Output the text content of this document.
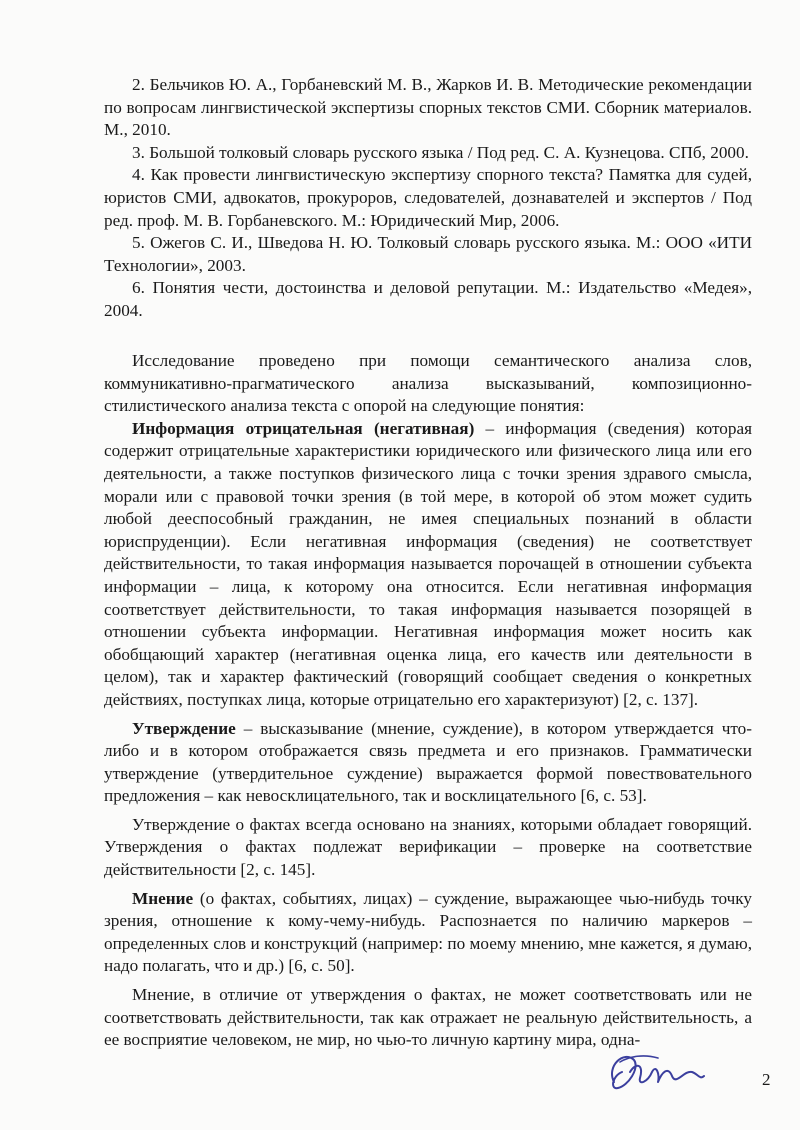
2. Бельчиков Ю. А., Горбаневский М. В., Жарков И. В. Методические рекомендации по вопросам лингвистической экспертизы спорных текстов СМИ. Сборник материалов. М., 2010.

3. Большой толковый словарь русского языка / Под ред. С. А. Кузнецова. СПб, 2000.

4. Как провести лингвистическую экспертизу спорного текста? Памятка для судей, юристов СМИ, адвокатов, прокуроров, следователей, дознавателей и экспертов / Под ред. проф. М. В. Горбаневского. М.: Юридический Мир, 2006.

5. Ожегов С. И., Шведова Н. Ю. Толковый словарь русского языка. М.: ООО «ИТИ Технологии», 2003.

6. Понятия чести, достоинства и деловой репутации. М.: Издательство «Медея», 2004.

Исследование проведено при помощи семантического анализа слов, коммуникативно-прагматического анализа высказываний, композиционно-стилистического анализа текста с опорой на следующие понятия:

Информация отрицательная (негативная) – информация (сведения) которая содержит отрицательные характеристики юридического или физического лица или его деятельности, а также поступков физического лица с точки зрения здравого смысла, морали или с правовой точки зрения (в той мере, в которой об этом может судить любой дееспособный гражданин, не имея специальных познаний в области юриспруденции). Если негативная информация (сведения) не соответствует действительности, то такая информация называется порочащей в отношении субъекта информации – лица, к которому она относится. Если негативная информация соответствует действительности, то такая информация называется позорящей в отношении субъекта информации. Негативная информация может носить как обобщающий характер (негативная оценка лица, его качеств или деятельности в целом), так и характер фактический (говорящий сообщает сведения о конкретных действиях, поступках лица, которые отрицательно его характеризуют) [2, с. 137].

Утверждение – высказывание (мнение, суждение), в котором утверждается что-либо и в котором отображается связь предмета и его признаков. Грамматически утверждение (утвердительное суждение) выражается формой повествовательного предложения – как невосклицательного, так и восклицательного [6, с. 53].

Утверждение о фактах всегда основано на знаниях, которыми обладает говорящий. Утверждения о фактах подлежат верификации – проверке на соответствие действительности [2, с. 145].

Мнение (о фактах, событиях, лицах) – суждение, выражающее чью-нибудь точку зрения, отношение к кому-чему-нибудь. Распознается по наличию маркеров – определенных слов и конструкций (например: по моему мнению, мне кажется, я думаю, надо полагать, что и др.) [6, с. 50].

Мнение, в отличие от утверждения о фактах, не может соответствовать или не соответствовать действительности, так как отражает не реальную действительность, а ее восприятие человеком, не мир, но чью-то личную картину мира, одна-

2
